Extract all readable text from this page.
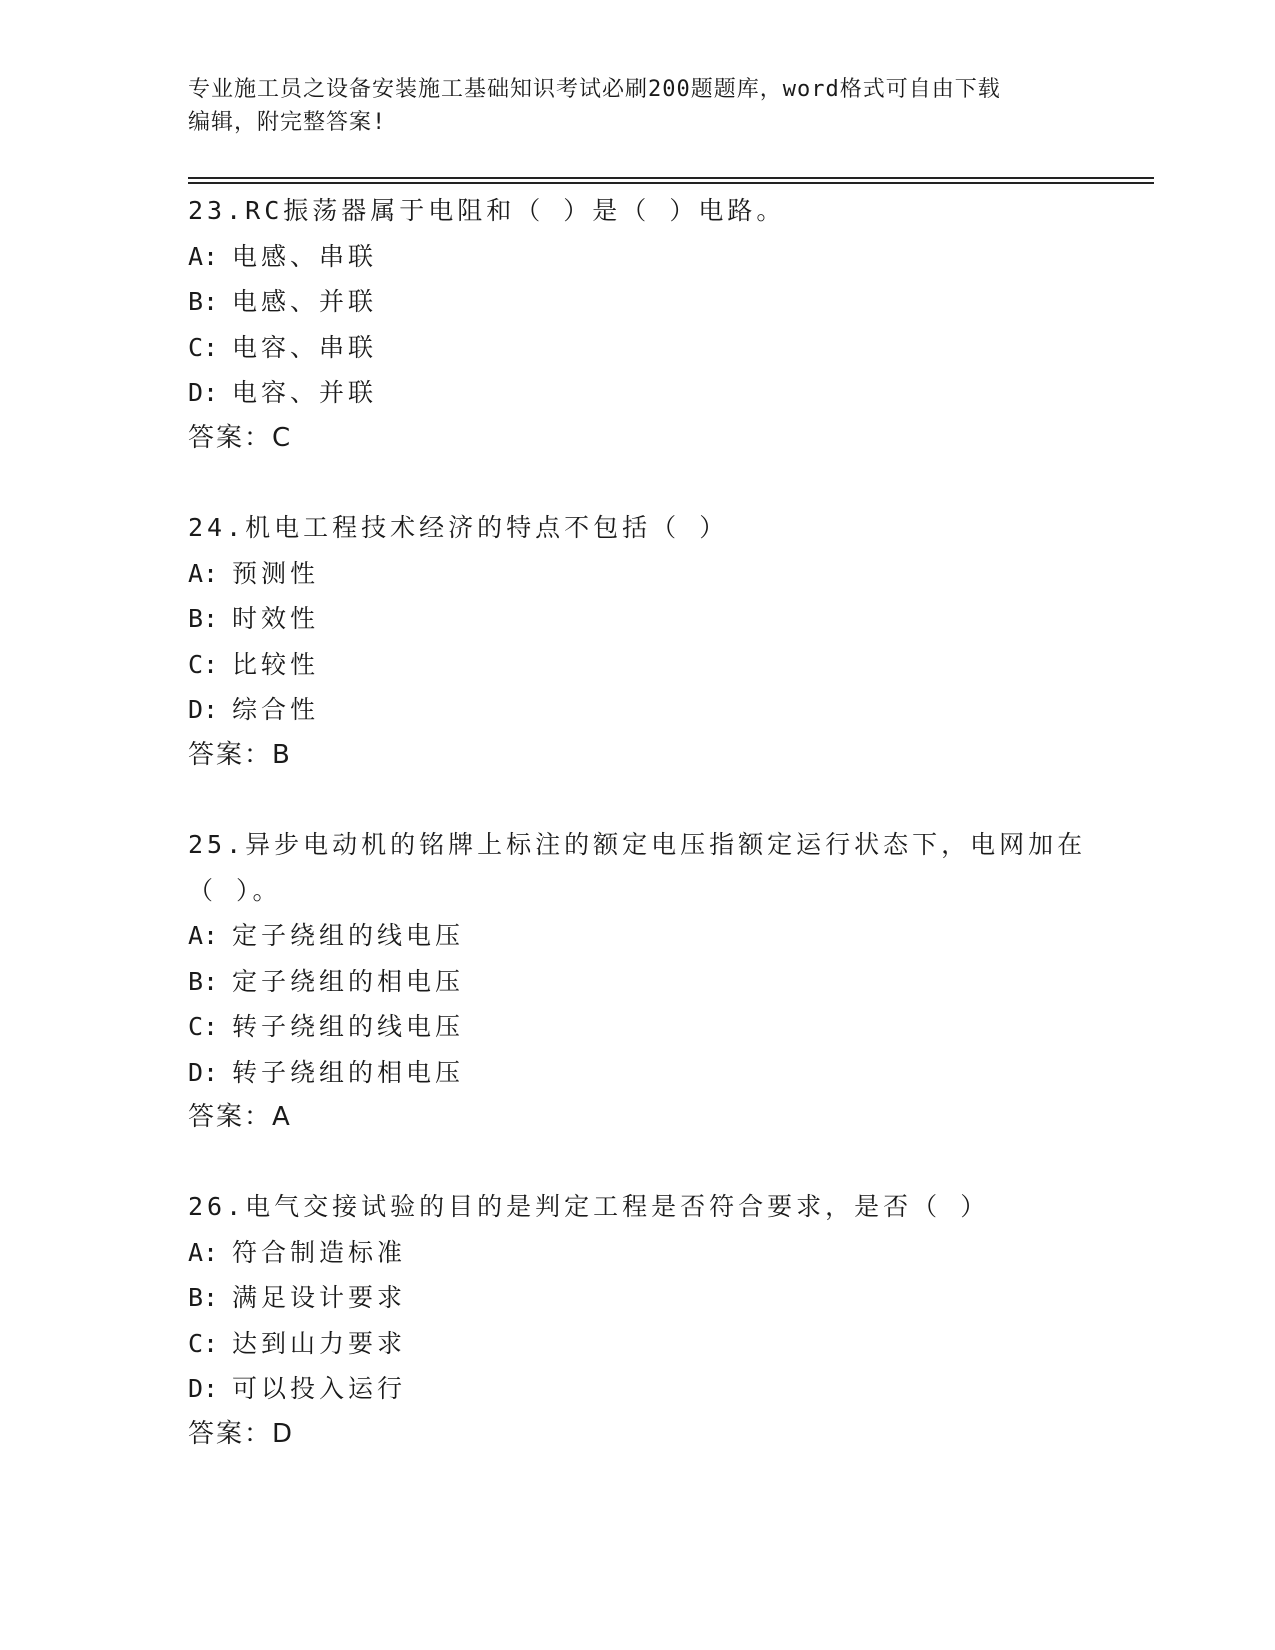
专业施工员之设备安装施工基础知识考试必刷200题题库，word格式可自由下载
编辑，附完整答案!
23.RC振荡器属于电阻和（ ）是（ ）电路。
A: 电感、串联
B: 电感、并联
C: 电容、串联
D: 电容、并联
答案：C
24.机电工程技术经济的特点不包括（ ）
A: 预测性
B: 时效性
C: 比较性
D: 综合性
答案：B
25.异步电动机的铭牌上标注的额定电压指额定运行状态下，电网加在
（ ）。
A: 定子绕组的线电压
B: 定子绕组的相电压
C: 转子绕组的线电压
D: 转子绕组的相电压
答案：A
26.电气交接试验的目的是判定工程是否符合要求，是否（ ）
A: 符合制造标准
B: 满足设计要求
C: 达到山力要求
D: 可以投入运行
答案：D
